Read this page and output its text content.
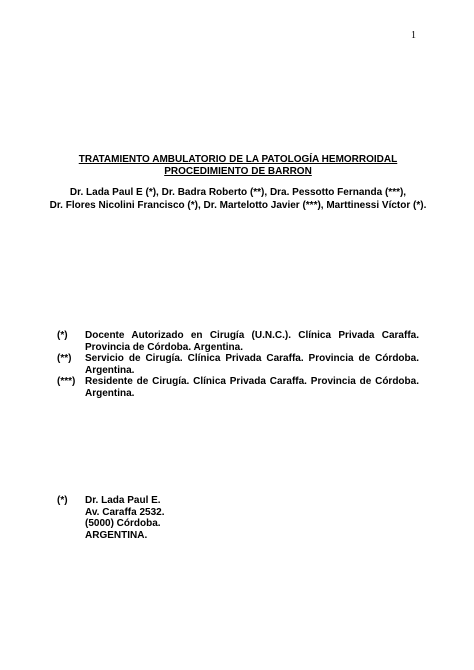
1
TRATAMIENTO AMBULATORIO DE LA PATOLOGÍA HEMORROIDAL
PROCEDIMIENTO DE BARRON
Dr. Lada Paul E (*), Dr. Badra Roberto (**), Dra. Pessotto Fernanda (***),
Dr. Flores Nicolini Francisco (*), Dr. Martelotto Javier (***), Marttinessi Víctor (*).
(*)	Docente Autorizado en Cirugía (U.N.C.). Clínica Privada Caraffa. Provincia de Córdoba. Argentina.
(**)	Servicio de Cirugía. Clínica Privada Caraffa. Provincia de Córdoba. Argentina.
(***) Residente de Cirugía. Clínica Privada Caraffa. Provincia de Córdoba. Argentina.
(*)	Dr. Lada Paul E.
Av. Caraffa 2532.
(5000) Córdoba.
ARGENTINA.
